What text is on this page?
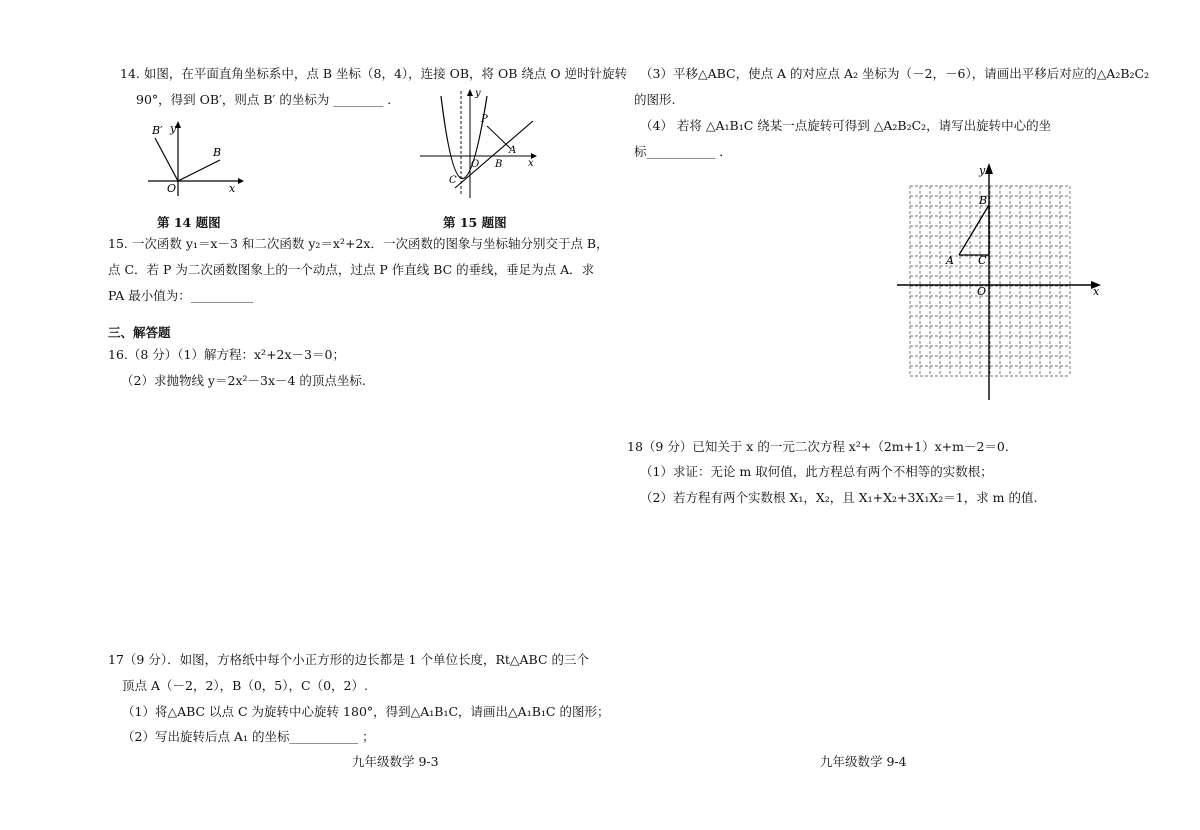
14. 如图，在平面直角坐标系中，点 B 坐标（8，4），连接 OB，将 OB 绕点 O 逆时针旋转
90°，得到 OB′，则点 B′ 的坐标为 ________ ．
B′ y
B
O	x
P
y
A
O B
C
x
第 14 题图	第 15 题图
15. 一次函数 y₁＝x－3 和二次函数 y₂＝x²+2x．一次函数的图象与坐标轴分别交于点 B，
点 C．若 P 为二次函数图象上的一个动点，过点 P 作直线 BC 的垂线，垂足为点 A．求
PA 最小值为：__________
三、解答题
16.（8 分）（1）解方程：x²+2x－3＝0；
（2）求抛物线 y＝2x²－3x－4 的顶点坐标.
17（9 分）．如图，方格纸中每个小正方形的边长都是 1 个单位长度，Rt△ABC 的三个
顶点 A（－2，2），B（0，5），C（0，2）.
（1）将△ABC 以点 C 为旋转中心旋转 180°，得到△A₁B₁C，请画出△A₁B₁C 的图形；
（2）写出旋转后点 A₁ 的坐标___________ ；
九年级数学 9-3
（3）平移△ABC，使点 A 的对应点 A₂ 坐标为（－2，－6），请画出平移后对应的△A₂B₂C₂
的图形.
（4） 若将 △A₁B₁C 绕某一点旋转可得到 △A₂B₂C₂，请写出旋转中心的坐
标___________ ．
y
B
A C
O	x
18（9 分）已知关于 x 的一元二次方程 x²+（2m+1）x+m－2＝0.
（1）求证：无论 m 取何值，此方程总有两个不相等的实数根；
（2）若方程有两个实数根 X₁，X₂，且 X₁+X₂+3X₁X₂＝1，求 m 的值.
九年级数学 9-4
